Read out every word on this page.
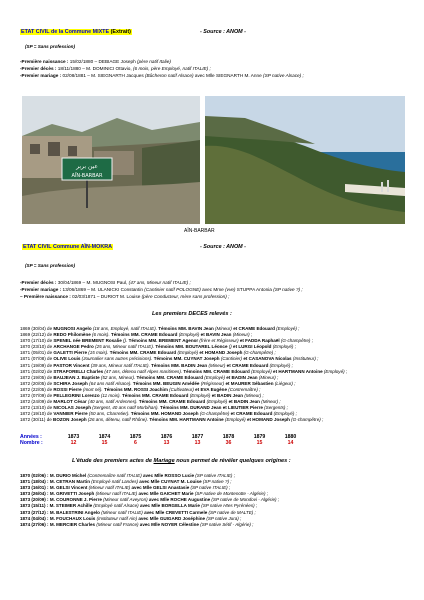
ETAT CIVIL de la Commune MIXTE (Extrait)	- Source : ANOM -
(SP = Sans profession)
-Première naissance : 15/02/1880 – DEBIAGE Joseph (père natif Italie)
-Premier décès : 18/11/1880 – M. DOMINICI Ottavio, (6 mois, père Employé, natif ITALIE) ;
-Premier mariage : 02/08/1881 – M. SIEGNARTH Jacques (Bûcheron natif Alsace) avec Mlle SIEGNARTH M. Anne (SP native Alsace) ;
عين بربر
AÏN-BARBAR
AÏN-BARBAR
ETAT CIVIL Commune AÏN-MOKRA	- Source : ANOM -
(SP = Sans profession)
-Premier décès : 30/04/1869 – M. MUGNOSI Paul, (47 ans, Mineur natif ITALIE) ;
-Premier mariage : 13/06/1869 – M. ULANICKI Constantin (Cantinier natif POLOGNE) avec Mme (vve) STUPPA Antonia (SP native ?) ;
– Première naissance : 02/03/1871 – DURIOT M. Louise (père Conducteur, mère sans profession) ;
Les premiers DECES relevés :
1869 (30/04) de MUGNOSI Angelo (18 ans, Employé, natif ITALIE). Témoins MM. BAVIN Jean (Mineur) et CRAME Edouard (Employé) ;
1869 (22/12) de REDO Philomène (6 mois). Témoins MM. CRAME Edouard (Employé) et BAVIN Jean (Mineur) ;
1870 (17/10) de SPENEL née BREMENT Rosalie (). Témoins MM. BREMENT Agenor (frère et Régisseur) et FADDA Raphaël (G-champêtre) ;
1870 (23/10) de ARCHANGE Pedro (25 ans, Mineur natif ITALIE). Témoins MM. BOUTAREL Léonce () et LURGI Léopold (Employé) ;
1871 (05/01) de GALETTI Pierre (15 mois). Témoins MM. CRAME Edouard (Employé) et HOMAND Joseph (G-champêtre) ;
1871 (07/08) de OLIVE Louis (Journalier sans autres précisions). Témoins MM. CUYNAT Joseph (Cantinier) et CASANOVA Nicolas (Instituteur) ;
1871 (19/09) de PASTOR Vincent (39 ans, Mineur natif ITALIE). Témoins MM. BADIN Jean (Mineur) et CRAME Edouard (Employé) ;
1871 (02/02) de STRAFORELLI Charles (47 ans, détenu natif Alpes maritimes). Témoins MM. CRAME Edouard (Employé) et HARTMANN Antoine (Employé) ;
1872 (19/05) de BAUJEAN J. Baptiste (52 ans, Mineur). Témoins MM. CRAME Edouard (Employé) et BADIN Jean (Mineur) ;
1872 (20/05) de SCHIRA Joseph (64 ans natif Alsace). Témoins MM. BEUGIN Amédée (Régisseur) et MAURER Sébastien (Liégeur) ;
1872 (22/05) de ROSSI Pierre (mort né). Témoins MM. ROSSI Joachim (Cultivateur) et EVA Eugène (Contremaître) ;
1872 (07/09) de PELLEGRINI Lorenzo (11 mois). Témoins MM. CRAME Edouard (Employé) et BADIN Jean (Mineur) ;
1872 (24/09) de MARLOT César (40 ans, natif Ardennes). Témoins MM. CRAME Edouard (Employé) et BADIN Jean (Mineur) ;
1872 (13/10) de NICOLAS Joseph (Sergent, 40 ans natif Morbihan). Témoins MM. DURAND Jean et LIEUTIER Pierre (Sergents) ;
1872 (19/10) de VANNIER Pierre (50 ans, Charretier). Témoins MM. HOMAND Joseph (G-champêtre) et CRAME Edouard (Employé) ;
1872 (30/11) de BOZON Joseph (26 ans, détenu, natif Rhône). Témoins MM. HARTMANN Antoine (Employé) et HOMAND Joseph (G-champêtre) ;
Années :	1873	1874	1875	1876	1877	1878	1879	1880
Nombre :	12	15	6	13	13	36	15	14
L'étude des premiers actes de Mariage nous permet de révéler quelques origines :
1870 (02/06) : M. DURIO Michel (Contremaître natif ITALIE) avec Mlle ROSSO Lucie (SP native ITALIE) ;
1871 (18/04) : M. CETRAN Martin (Employé natif Landes) avec Mlle CUYNAT M. Louise (SP native ?) ;
1873 (16/01) : M. GELSI Vincent (Mineur natif ITALIE) avec Mlle GELSI Anastasie (SP native ITALIE) ;
1873 (26/04) : M. GRIVETTI Joseph (Mineur natif ITALIE) avec Mlle GAICHET Marie (SP native de Montenotte - Algérie) ;
1873 (20/09) : M. COURONNE J. Pierre (Mineur natif Aveyron) avec Mlle ROCHE Augustine (SP native de Mondovi - Algérie) ;
1873 (15/11) : M. STEIMER Achille (Employé natif Alsace) avec Mlle BORGELLA Marie (SP native Htes Pyrénées) ;
1873 (27/12) : M. BALESTRINI Angelo (Mineur natif ITALIE) avec Mlle CREVETTI Carmele (SP native de MALTE) ;
1874 (04/04) : M. FOUCHAUX Louis (Instituteur natif Ain) avec Mlle GUIGARD Joséphine (SP native Jura) ;
1874 (27/06) : M. MERCIER Charles (Mineur natif France) avec Mlle NOYER Célestine (SP native Sétif - Algérie) ;
